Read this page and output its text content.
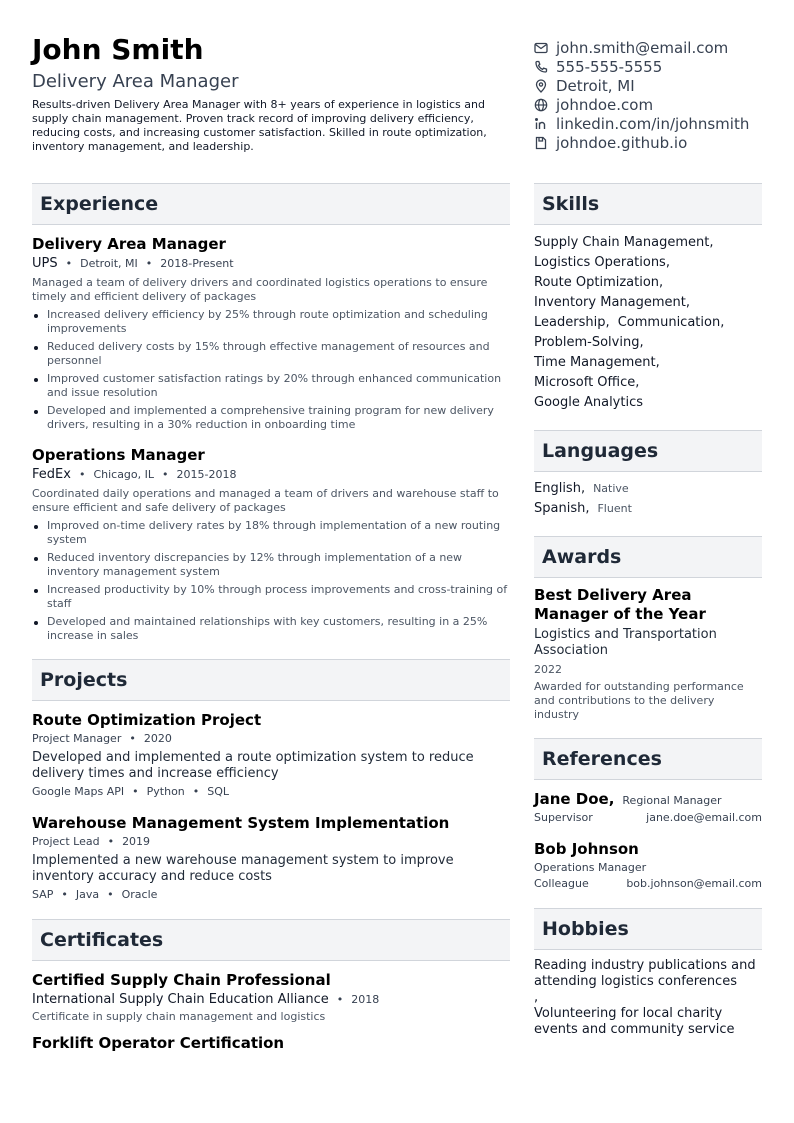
John Smith
Delivery Area Manager
Results-driven Delivery Area Manager with 8+ years of experience in logistics and supply chain management. Proven track record of improving delivery efficiency, reducing costs, and increasing customer satisfaction. Skilled in route optimization, inventory management, and leadership.
john.smith@email.com
555-555-5555
Detroit, MI
johndoe.com
linkedin.com/in/johnsmith
johndoe.github.io
Experience
Delivery Area Manager
UPS • Detroit, MI • 2018-Present
Managed a team of delivery drivers and coordinated logistics operations to ensure timely and efficient delivery of packages
Increased delivery efficiency by 25% through route optimization and scheduling improvements
Reduced delivery costs by 15% through effective management of resources and personnel
Improved customer satisfaction ratings by 20% through enhanced communication and issue resolution
Developed and implemented a comprehensive training program for new delivery drivers, resulting in a 30% reduction in onboarding time
Operations Manager
FedEx • Chicago, IL • 2015-2018
Coordinated daily operations and managed a team of drivers and warehouse staff to ensure efficient and safe delivery of packages
Improved on-time delivery rates by 18% through implementation of a new routing system
Reduced inventory discrepancies by 12% through implementation of a new inventory management system
Increased productivity by 10% through process improvements and cross-training of staff
Developed and maintained relationships with key customers, resulting in a 25% increase in sales
Projects
Route Optimization Project
Project Manager • 2020
Developed and implemented a route optimization system to reduce delivery times and increase efficiency
Google Maps API • Python • SQL
Warehouse Management System Implementation
Project Lead • 2019
Implemented a new warehouse management system to improve inventory accuracy and reduce costs
SAP • Java • Oracle
Certificates
Certified Supply Chain Professional
International Supply Chain Education Alliance • 2018
Certificate in supply chain management and logistics
Forklift Operator Certification
Skills
Supply Chain Management,
Logistics Operations,
Route Optimization,
Inventory Management,
Leadership, Communication,
Problem-Solving,
Time Management,
Microsoft Office,
Google Analytics
Languages
English, Native
Spanish, Fluent
Awards
Best Delivery Area Manager of the Year
Logistics and Transportation Association
2022
Awarded for outstanding performance and contributions to the delivery industry
References
Jane Doe, Regional Manager
Supervisor	jane.doe@email.com
Bob Johnson
Operations Manager
Colleague	bob.johnson@email.com
Hobbies
Reading industry publications and attending logistics conferences
,
Volunteering for local charity events and community service
